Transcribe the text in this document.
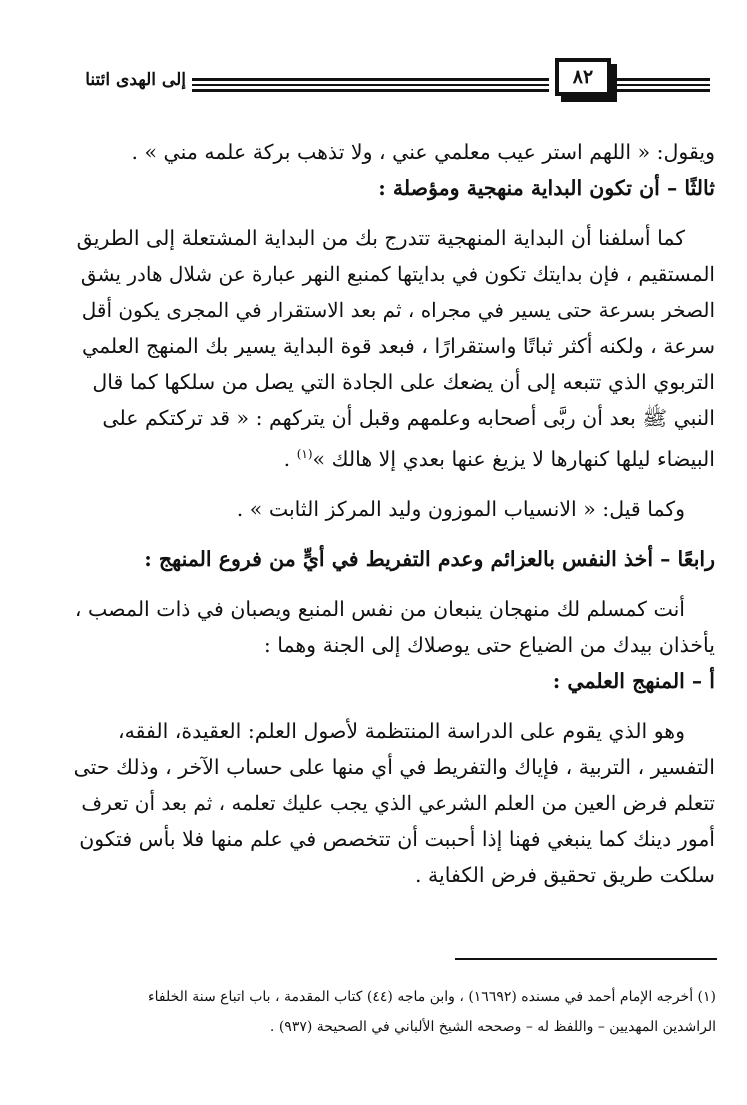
٨٢
إلى الهدى ائتنا
ويقول: « اللهم استر عيب معلمي عني ، ولا تذهب بركة علمه مني » .
ثالثًا – أن تكون البداية منهجية ومؤصلة :
كما أسلفنا أن البداية المنهجية تتدرج بك من البداية المشتعلة إلى الطريق
المستقيم ، فإن بدايتك تكون في بدايتها كمنبع النهر عبارة عن شلال هادر يشق
الصخر بسرعة حتى يسير في مجراه ، ثم بعد الاستقرار في المجرى يكون أقل
سرعة ، ولكنه أكثر ثباتًا واستقرارًا ، فبعد قوة البداية يسير بك المنهج العلمي
التربوي الذي تتبعه إلى أن يضعك على الجادة التي يصل من سلكها كما قال
النبي ﷺ بعد أن ربَّى أصحابه وعلمهم وقبل أن يتركهم : « قد تركتكم على
البيضاء ليلها كنهارها لا يزيغ عنها بعدي إلا هالك »$^{(١)}$ .
وكما قيل: « الانسياب الموزون وليد المركز الثابت » .
رابعًا – أخذ النفس بالعزائم وعدم التفريط في أيٍّ من فروع المنهج :
أنت كمسلم لك منهجان ينبعان من نفس المنبع ويصبان في ذات المصب ،
يأخذان بيدك من الضياع حتى يوصلاك إلى الجنة وهما :
أ – المنهج العلمي :
وهو الذي يقوم على الدراسة المنتظمة لأصول العلم: العقيدة، الفقه،
التفسير ، التربية ، فإياك والتفريط في أي منها على حساب الآخر ، وذلك حتى
تتعلم فرض العين من العلم الشرعي الذي يجب عليك تعلمه ، ثم بعد أن تعرف
أمور دينك كما ينبغي فهنا إذا أحببت أن تتخصص في علم منها فلا بأس فتكون
سلكت طريق تحقيق فرض الكفاية .
(١) أخرجه الإمام أحمد في مسنده (١٦٦٩٢) ، وابن ماجه (٤٤) كتاب المقدمة ، باب اتباع سنة الخلفاء
الراشدين المهديين – واللفظ له – وصححه الشيخ الألباني في الصحيحة (٩٣٧) .
